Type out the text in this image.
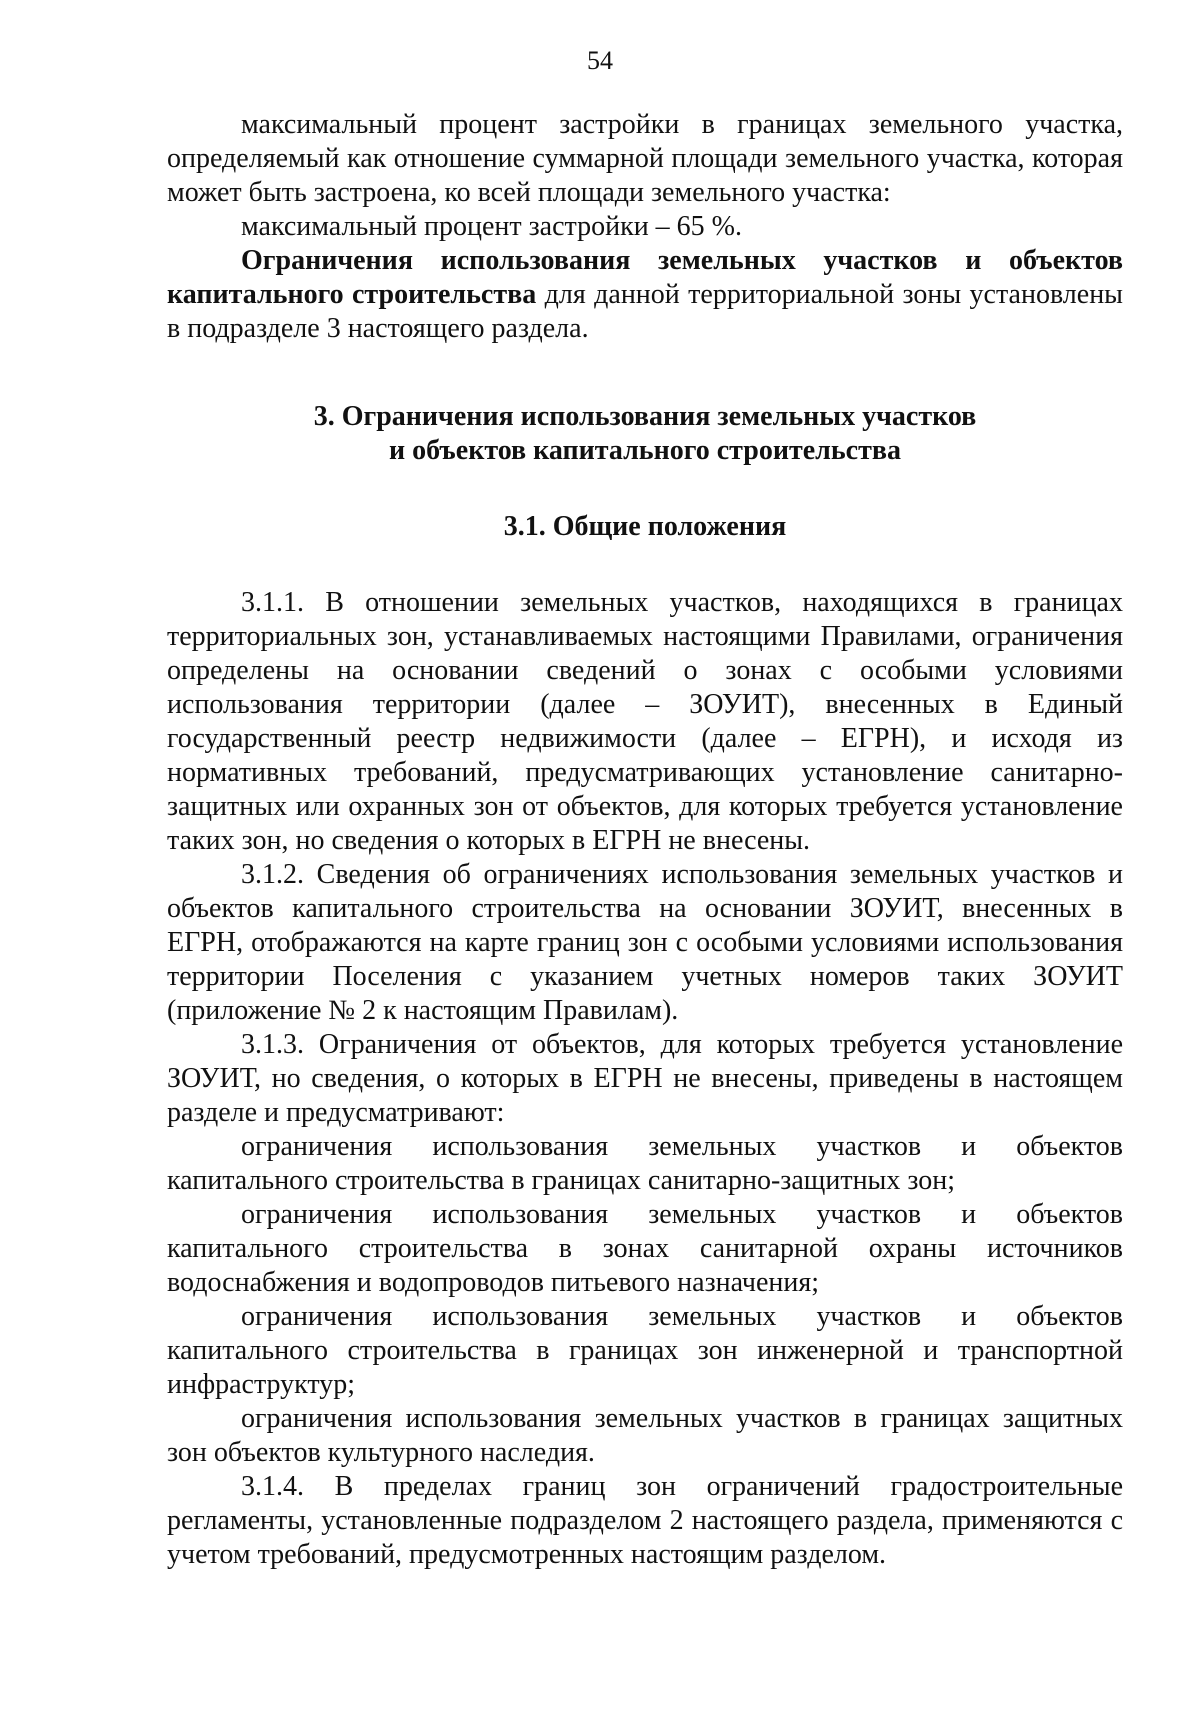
54

максимальный процент застройки в границах земельного участка, определяемый как отношение суммарной площади земельного участка, которая может быть застроена, ко всей площади земельного участка:

максимальный процент застройки – 65 %.

Ограничения использования земельных участков и объектов капитального строительства для данной территориальной зоны установлены в подразделе 3 настоящего раздела.

3. Ограничения использования земельных участков
и объектов капитального строительства
3.1. Общие положения

3.1.1. В отношении земельных участков, находящихся в границах территориальных зон, устанавливаемых настоящими Правилами, ограничения определены на основании сведений о зонах с особыми условиями использования территории (далее – ЗОУИТ), внесенных в Единый государственный реестр недвижимости (далее – ЕГРН), и исходя из нормативных требований, предусматривающих установление санитарно-защитных или охранных зон от объектов, для которых требуется установление таких зон, но сведения о которых в ЕГРН не внесены.

3.1.2. Сведения об ограничениях использования земельных участков и объектов капитального строительства на основании ЗОУИТ, внесенных в ЕГРН, отображаются на карте границ зон с особыми условиями использования территории Поселения с указанием учетных номеров таких ЗОУИТ (приложение № 2 к настоящим Правилам).

3.1.3. Ограничения от объектов, для которых требуется установление ЗОУИТ, но сведения, о которых в ЕГРН не внесены, приведены в настоящем разделе и предусматривают:

ограничения использования земельных участков и объектов капитального строительства в границах санитарно-защитных зон;

ограничения использования земельных участков и объектов капитального строительства в зонах санитарной охраны источников водоснабжения и водопроводов питьевого назначения;

ограничения использования земельных участков и объектов капитального строительства в границах зон инженерной и транспортной инфраструктур;

ограничения использования земельных участков в границах защитных зон объектов культурного наследия.

3.1.4. В пределах границ зон ограничений градостроительные регламенты, установленные подразделом 2 настоящего раздела, применяются с учетом требований, предусмотренных настоящим разделом.
